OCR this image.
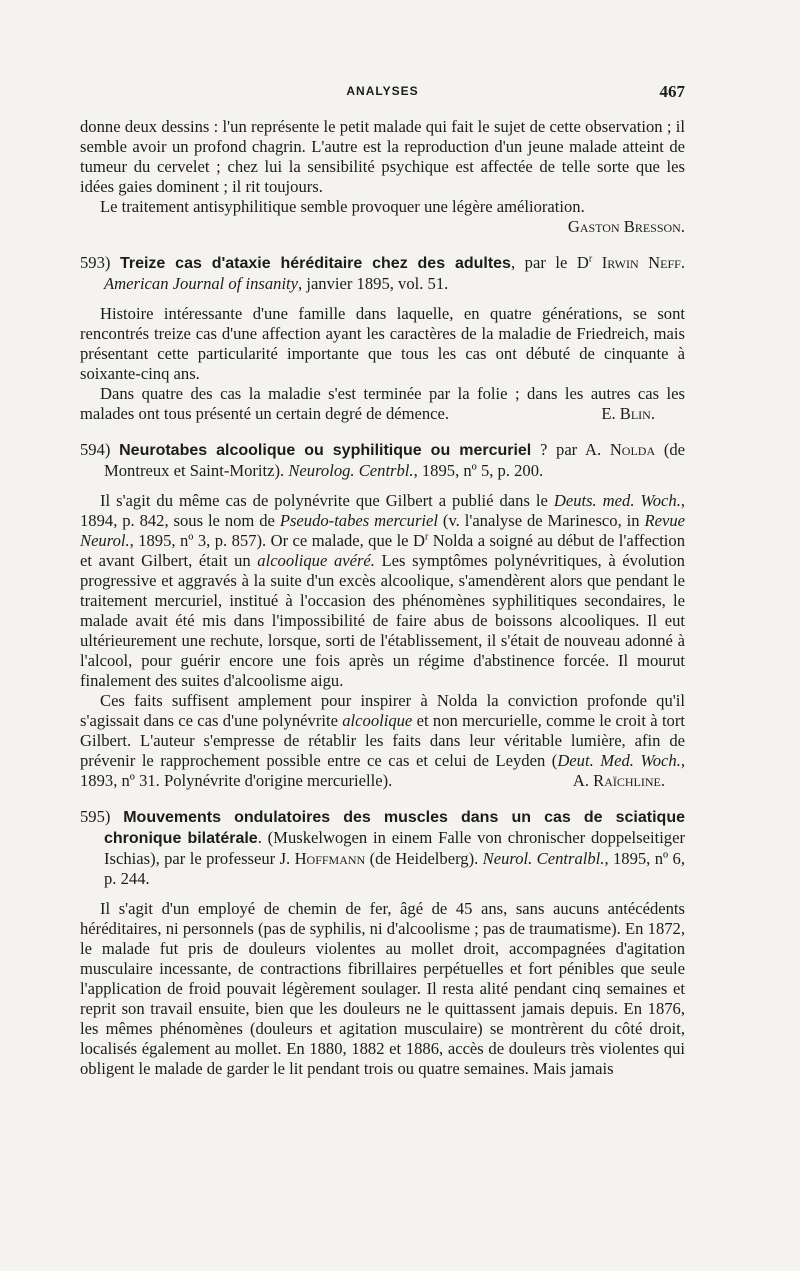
ANALYSES	467

donne deux dessins : l'un représente le petit malade qui fait le sujet de cette observation ; il semble avoir un profond chagrin. L'autre est la reproduction d'un jeune malade atteint de tumeur du cervelet ; chez lui la sensibilité psychique est affectée de telle sorte que les idées gaies dominent ; il rit toujours.

Le traitement antisyphilitique semble provoquer une légère amélioration.

Gaston Bresson.
593) Treize cas d'ataxie héréditaire chez des adultes, par le $D^r$ Irwin Neff. American Journal of insanity, janvier 1895, vol. 51.

Histoire intéressante d'une famille dans laquelle, en quatre générations, se sont rencontrés treize cas d'une affection ayant les caractères de la maladie de Friedreich, mais présentant cette particularité importante que tous les cas ont débuté de cinquante à soixante-cinq ans.

Dans quatre des cas la maladie s'est terminée par la folie ; dans les autres cas les malades ont tous présenté un certain degré de démence.	E. Blin.

594) Neurotabes alcoolique ou syphilitique ou mercuriel ? par A. Nolda (de Montreux et Saint-Moritz). Neurolog. Centrbl., 1895, nº 5, p. 200.

Il s'agit du même cas de polynévrite que Gilbert a publié dans le Deuts. med. Woch., 1894, p. 842, sous le nom de Pseudo-tabes mercuriel (v. l'analyse de Marinesco, in Revue Neurol., 1895, nº 3, p. 857). Or ce malade, que le $D^r$ Nolda a soigné au début de l'affection et avant Gilbert, était un alcoolique avéré. Les symptômes polynévritiques, à évolution progressive et aggravés à la suite d'un excès alcoolique, s'amendèrent alors que pendant le traitement mercuriel, institué à l'occasion des phénomènes syphilitiques secondaires, le malade avait été mis dans l'impossibilité de faire abus de boissons alcooliques. Il eut ultérieurement une rechute, lorsque, sorti de l'établissement, il s'était de nouveau adonné à l'alcool, pour guérir encore une fois après un régime d'abstinence forcée. Il mourut finalement des suites d'alcoolisme aigu.

Ces faits suffisent amplement pour inspirer à Nolda la conviction profonde qu'il s'agissait dans ce cas d'une polynévrite alcoolique et non mercurielle, comme le croit à tort Gilbert. L'auteur s'empresse de rétablir les faits dans leur véritable lumière, afin de prévenir le rapprochement possible entre ce cas et celui de Leyden (Deut. Med. Woch., 1893, nº 31. Polynévrite d'origine mercurielle).	A. Raïchline.

595) Mouvements ondulatoires des muscles dans un cas de sciatique chronique bilatérale. (Muskelwogen in einem Falle von chronischer doppelseitiger Ischias), par le professeur J. Hoffmann (de Heidelberg). Neurol. Centralbl., 1895, nº 6, p. 244.

Il s'agit d'un employé de chemin de fer, âgé de 45 ans, sans aucuns antécédents héréditaires, ni personnels (pas de syphilis, ni d'alcoolisme ; pas de traumatisme). En 1872, le malade fut pris de douleurs violentes au mollet droit, accompagnées d'agitation musculaire incessante, de contractions fibrillaires perpétuelles et fort pénibles que seule l'application de froid pouvait légèrement soulager. Il resta alité pendant cinq semaines et reprit son travail ensuite, bien que les douleurs ne le quittassent jamais depuis. En 1876, les mêmes phénomènes (douleurs et agitation musculaire) se montrèrent du côté droit, localisés également au mollet. En 1880, 1882 et 1886, accès de douleurs très violentes qui obligent le malade de garder le lit pendant trois ou quatre semaines. Mais jamais
